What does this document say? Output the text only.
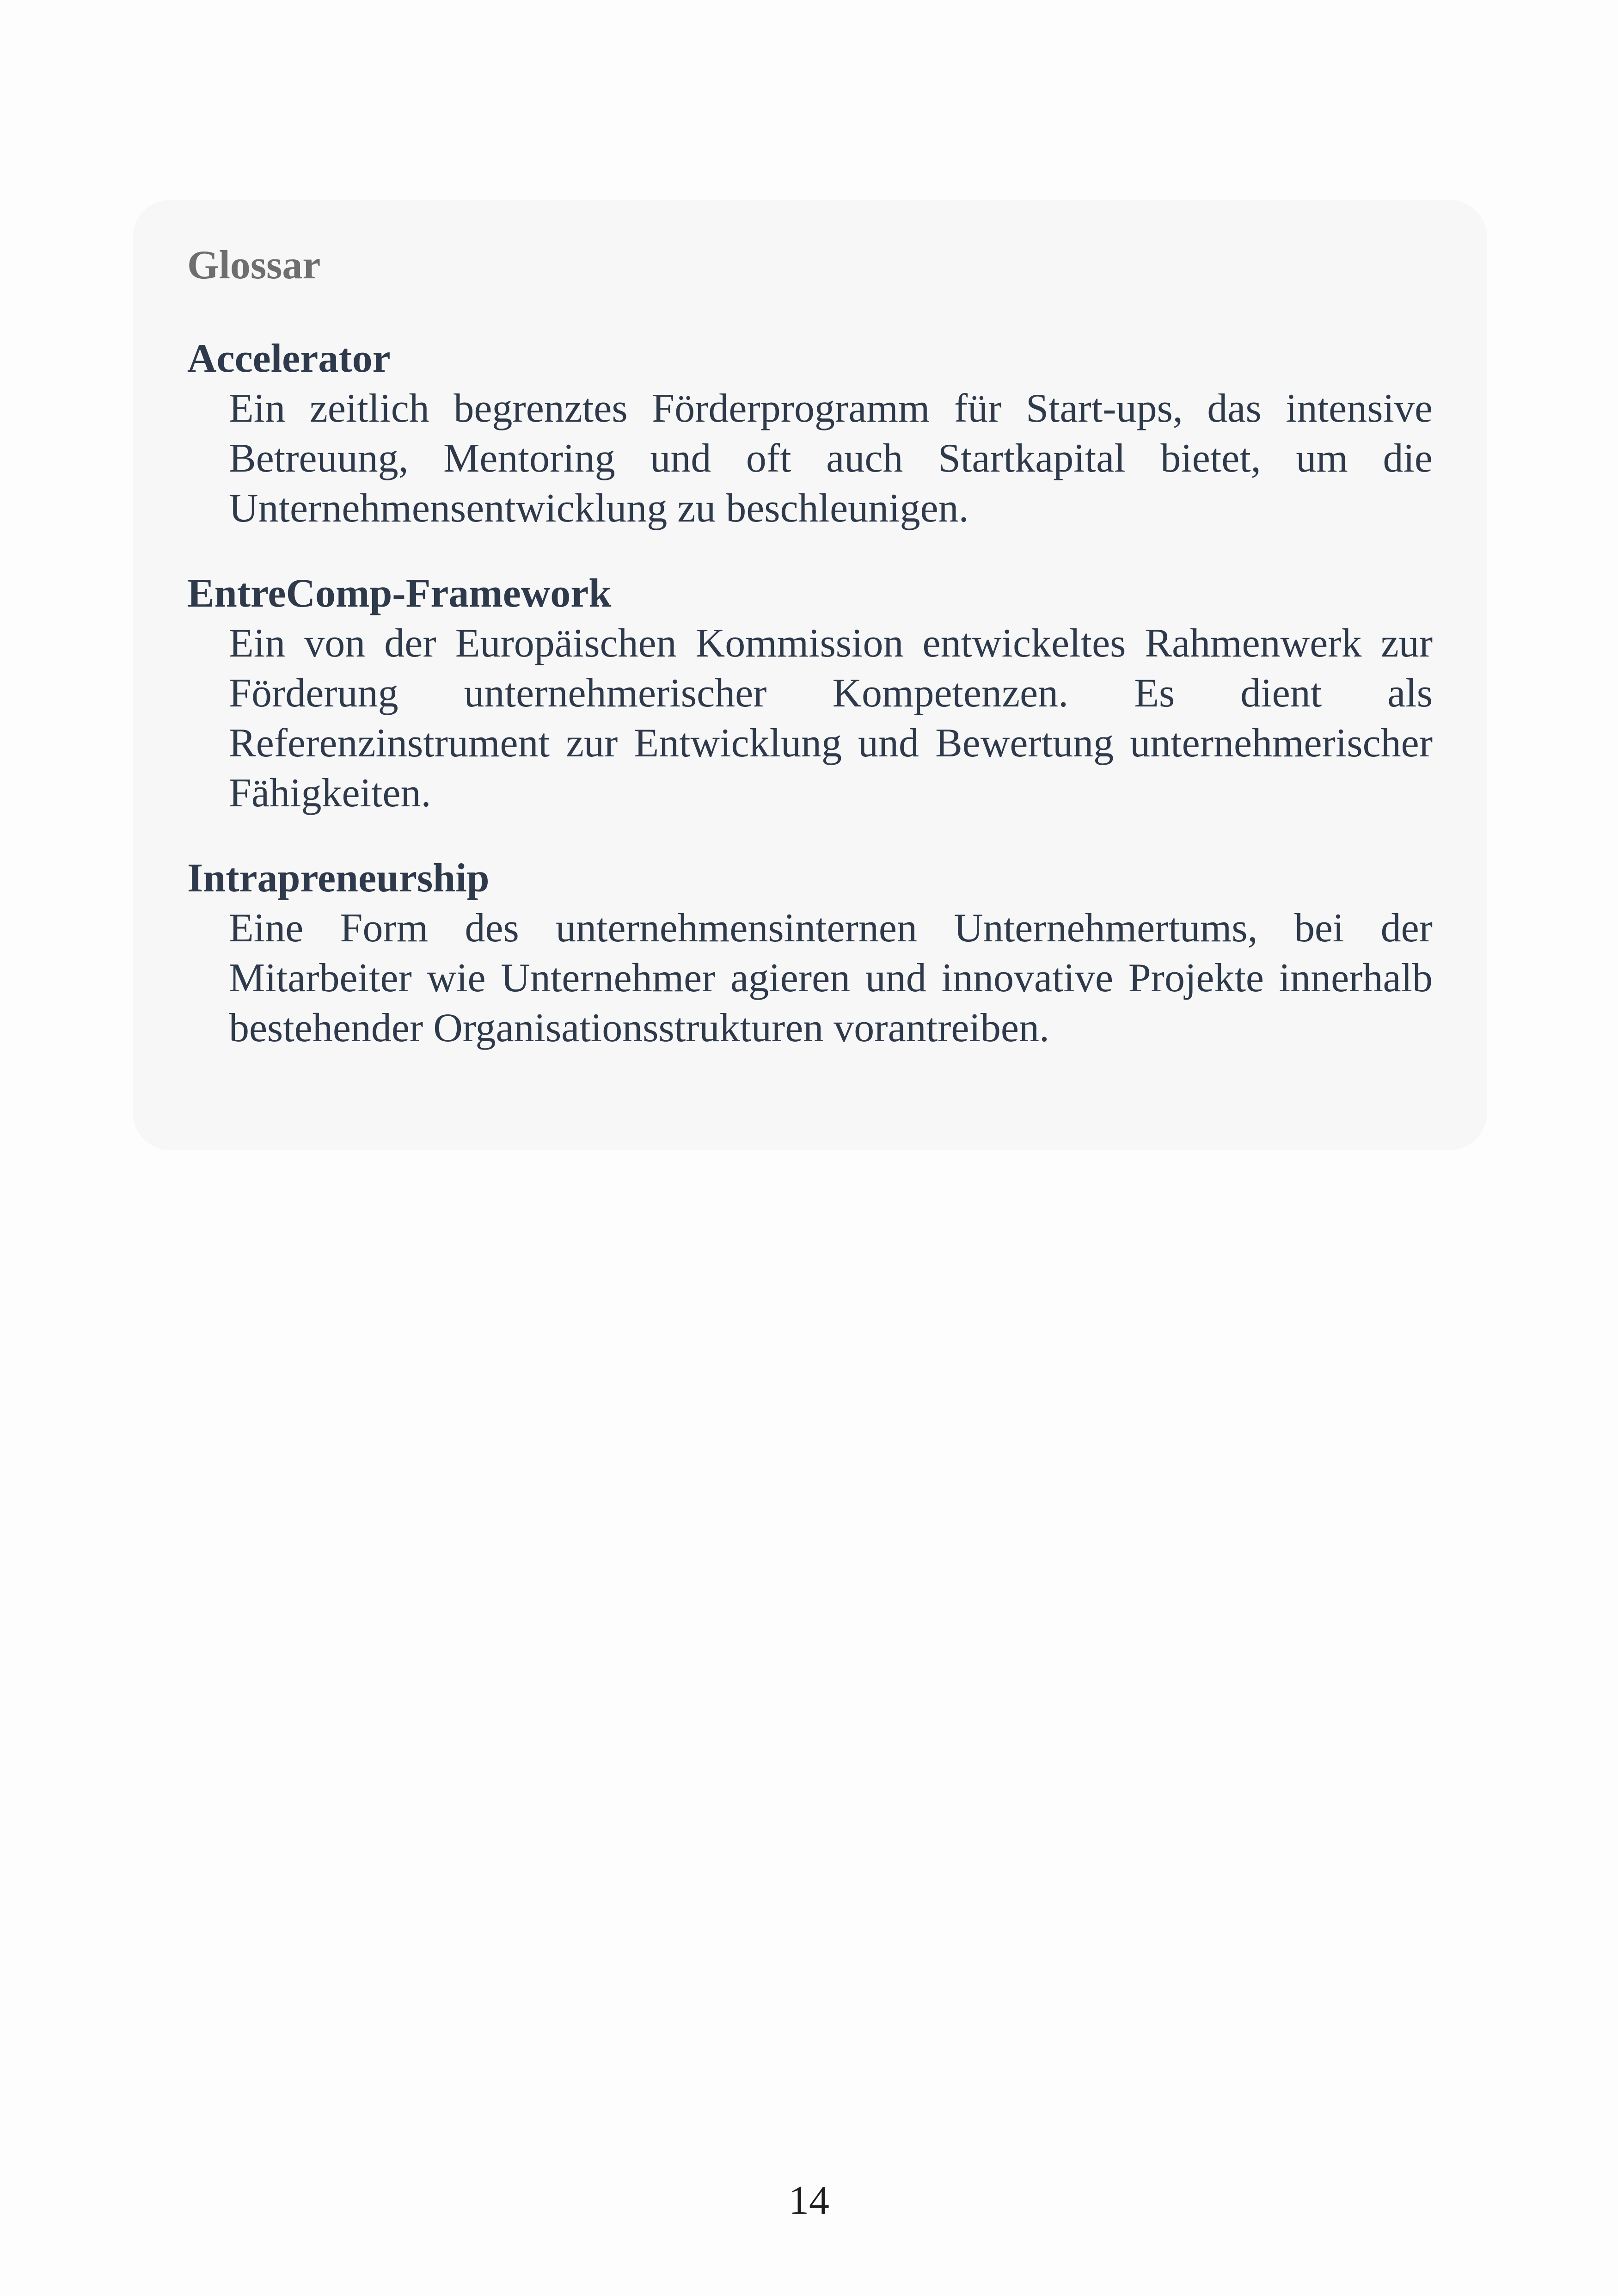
Glossar

Accelerator

Ein zeitlich begrenztes Förderprogramm für Start-ups, das intensive Betreuung, Mentoring und oft auch Startkapital bietet, um die Unternehmensentwicklung zu beschleunigen.

EntreComp-Framework

Ein von der Europäischen Kommission entwickeltes Rahmenwerk zur Förderung unternehmerischer Kompetenzen. Es dient als Referenzinstrument zur Entwicklung und Bewertung unternehmerischer Fähigkeiten.

Intrapreneurship

Eine Form des unternehmensinternen Unternehmertums, bei der Mitarbeiter wie Unternehmer agieren und innovative Projekte innerhalb bestehender Organisationsstrukturen vorantreiben.

14
